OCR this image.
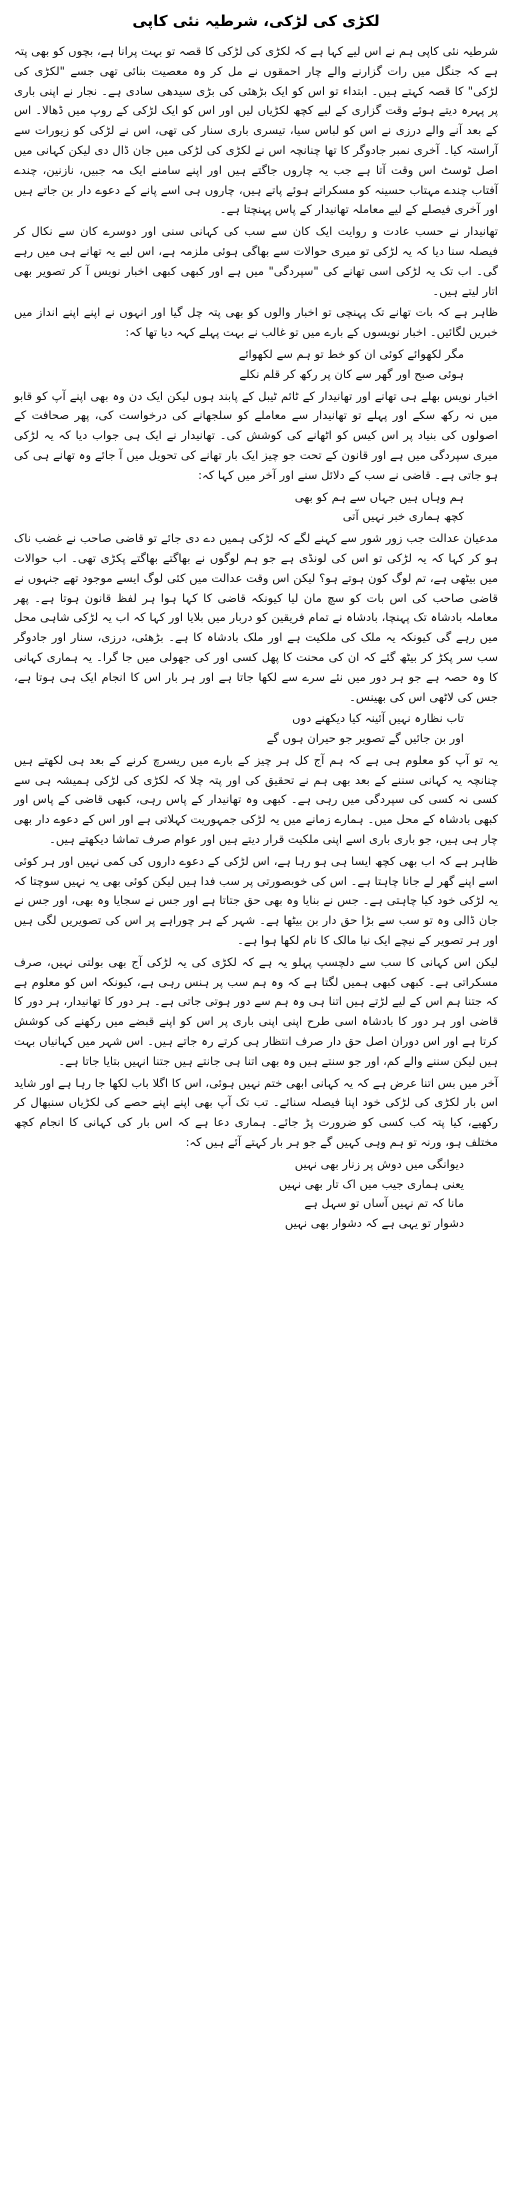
لکڑی کی لڑکی، شرطیہ نئی کاپی

شرطیہ نئی کاپی ہم نے اس لیے کہا ہے کہ لکڑی کی لڑکی کا قصہ تو بہت پرانا ہے، بچوں کو بھی پتہ ہے کہ جنگل میں رات گزارنے والے چار احمقوں نے مل کر وہ معصیت بنائی تھی جسے "لکڑی کی لڑکی" کا قصہ کہتے ہیں۔ ابتداء تو اس کو ایک بڑھئی کی بڑی سیدھی سادی ہے۔ نجار نے اپنی باری پر پہرہ دیتے ہوئے وقت گزاری کے لیے کچھ لکڑیاں لیں اور اس کو ایک لڑکی کے روپ میں ڈھالا۔ اس کے بعد آنے والے درزی نے اس کو لباس سیا، تیسری باری سنار کی تھی، اس نے لڑکی کو زیورات سے آراستہ کیا۔ آخری نمبر جادوگر کا تھا چنانچہ اس نے لکڑی کی لڑکی میں جان ڈال دی لیکن کہانی میں اصل ٹوسٹ اس وقت آتا ہے جب یہ چاروں جاگتے ہیں اور اپنے سامنے ایک مہ جبیں، نازنین، چندے آفتاب چندے مہتاب حسینہ کو مسکراتے ہوئے پاتے ہیں، چاروں ہی اسے پانے کے دعوے دار بن جاتے ہیں اور آخری فیصلے کے لیے معاملہ تھانیدار کے پاس پہنچتا ہے۔

تھانیدار نے حسب عادت و روایت ایک کان سے سب کی کہانی سنی اور دوسرے کان سے نکال کر فیصلہ سنا دیا کہ یہ لڑکی تو میری حوالات سے بھاگی ہوئی ملزمہ ہے، اس لیے یہ تھانے ہی میں رہے گی۔ اب تک یہ لڑکی اسی تھانے کی "سپردگی" میں ہے اور کبھی کبھی اخبار نویس آ کر تصویر بھی اتار لیتے ہیں۔

ظاہر ہے کہ بات تھانے تک پہنچی تو اخبار والوں کو بھی پتہ چل گیا اور انہوں نے اپنے اپنے انداز میں خبریں لگائیں۔ اخبار نویسوں کے بارے میں تو غالب نے بہت پہلے کہہ دیا تھا کہ:

مگر لکھوائے کوئی ان کو خط تو ہم سے لکھوائے
ہوئی صبح اور گھر سے کان پر رکھ کر قلم نکلے

اخبار نویس بھلے ہی تھانے اور تھانیدار کے ٹائم ٹیبل کے پابند ہوں لیکن ایک دن وہ بھی اپنے آپ کو قابو میں نہ رکھ سکے اور پہلے تو تھانیدار سے معاملے کو سلجھانے کی درخواست کی، پھر صحافت کے اصولوں کی بنیاد پر اس کیس کو اٹھانے کی کوشش کی۔ تھانیدار نے ایک ہی جواب دیا کہ یہ لڑکی میری سپردگی میں ہے اور قانون کے تحت جو چیز ایک بار تھانے کی تحویل میں آ جائے وہ تھانے ہی کی ہو جاتی ہے۔ قاضی نے سب کے دلائل سنے اور آخر میں کہا کہ:

ہم وہاں ہیں جہاں سے ہم کو بھی
کچھ ہماری خبر نہیں آتی

مدعیان عدالت جب زور شور سے کہنے لگے کہ لڑکی ہمیں دے دی جائے تو قاضی صاحب نے غضب ناک ہو کر کہا کہ یہ لڑکی تو اس کی لونڈی ہے جو ہم لوگوں نے بھاگتے بھاگتے پکڑی تھی۔ اب حوالات میں بیٹھی ہے، تم لوگ کون ہوتے ہو؟ لیکن اس وقت عدالت میں کئی لوگ ایسے موجود تھے جنہوں نے قاضی صاحب کی اس بات کو سچ مان لیا کیونکہ قاضی کا کہا ہوا ہر لفظ قانون ہوتا ہے۔ پھر معاملہ بادشاہ تک پہنچا، بادشاہ نے تمام فریقین کو دربار میں بلایا اور کہا کہ اب یہ لڑکی شاہی محل میں رہے گی کیونکہ یہ ملک کی ملکیت ہے اور ملک بادشاہ کا ہے۔ بڑھئی، درزی، سنار اور جادوگر سب سر پکڑ کر بیٹھ گئے کہ ان کی محنت کا پھل کسی اور کی جھولی میں جا گرا۔ یہ ہماری کہانی کا وہ حصہ ہے جو ہر دور میں نئے سرے سے لکھا جاتا ہے اور ہر بار اس کا انجام ایک ہی ہوتا ہے، جس کی لاٹھی اس کی بھینس۔

تاب نظارہ نہیں آئینہ کیا دیکھنے دوں
اور بن جائیں گے تصویر جو حیران ہوں گے

یہ تو آپ کو معلوم ہی ہے کہ ہم آج کل ہر چیز کے بارے میں ریسرچ کرنے کے بعد ہی لکھتے ہیں چنانچہ یہ کہانی سننے کے بعد بھی ہم نے تحقیق کی اور پتہ چلا کہ لکڑی کی لڑکی ہمیشہ ہی سے کسی نہ کسی کی سپردگی میں رہی ہے۔ کبھی وہ تھانیدار کے پاس رہی، کبھی قاضی کے پاس اور کبھی بادشاہ کے محل میں۔ ہمارے زمانے میں یہ لڑکی جمہوریت کہلاتی ہے اور اس کے دعوے دار بھی چار ہی ہیں، جو باری باری اسے اپنی ملکیت قرار دیتے ہیں اور عوام صرف تماشا دیکھتے ہیں۔

ظاہر ہے کہ اب بھی کچھ ایسا ہی ہو رہا ہے، اس لڑکی کے دعوے داروں کی کمی نہیں اور ہر کوئی اسے اپنے گھر لے جانا چاہتا ہے۔ اس کی خوبصورتی پر سب فدا ہیں لیکن کوئی بھی یہ نہیں سوچتا کہ یہ لڑکی خود کیا چاہتی ہے۔ جس نے بنایا وہ بھی حق جتاتا ہے اور جس نے سجایا وہ بھی، اور جس نے جان ڈالی وہ تو سب سے بڑا حق دار بن بیٹھا ہے۔ شہر کے ہر چوراہے پر اس کی تصویریں لگی ہیں اور ہر تصویر کے نیچے ایک نیا مالک کا نام لکھا ہوا ہے۔

لیکن اس کہانی کا سب سے دلچسپ پہلو یہ ہے کہ لکڑی کی یہ لڑکی آج بھی بولتی نہیں، صرف مسکراتی ہے۔ کبھی کبھی ہمیں لگتا ہے کہ وہ ہم سب پر ہنس رہی ہے، کیونکہ اس کو معلوم ہے کہ جتنا ہم اس کے لیے لڑتے ہیں اتنا ہی وہ ہم سے دور ہوتی جاتی ہے۔ ہر دور کا تھانیدار، ہر دور کا قاضی اور ہر دور کا بادشاہ اسی طرح اپنی اپنی باری پر اس کو اپنے قبضے میں رکھنے کی کوشش کرتا ہے اور اس دوران اصل حق دار صرف انتظار ہی کرتے رہ جاتے ہیں۔ اس شہر میں کہانیاں بہت ہیں لیکن سننے والے کم، اور جو سنتے ہیں وہ بھی اتنا ہی جانتے ہیں جتنا انہیں بتایا جاتا ہے۔

آخر میں بس اتنا عرض ہے کہ یہ کہانی ابھی ختم نہیں ہوئی، اس کا اگلا باب لکھا جا رہا ہے اور شاید اس بار لکڑی کی لڑکی خود اپنا فیصلہ سنائے۔ تب تک آپ بھی اپنے اپنے حصے کی لکڑیاں سنبھال کر رکھیے، کیا پتہ کب کسی کو ضرورت پڑ جائے۔ ہماری دعا ہے کہ اس بار کی کہانی کا انجام کچھ مختلف ہو، ورنہ تو ہم وہی کہیں گے جو ہر بار کہتے آئے ہیں کہ:

دیوانگی میں دوش پر زنار بھی نہیں
یعنی ہماری جیب میں اک تار بھی نہیں
مانا کہ تم نہیں آساں تو سہل ہے
دشوار تو یہی ہے کہ دشوار بھی نہیں
